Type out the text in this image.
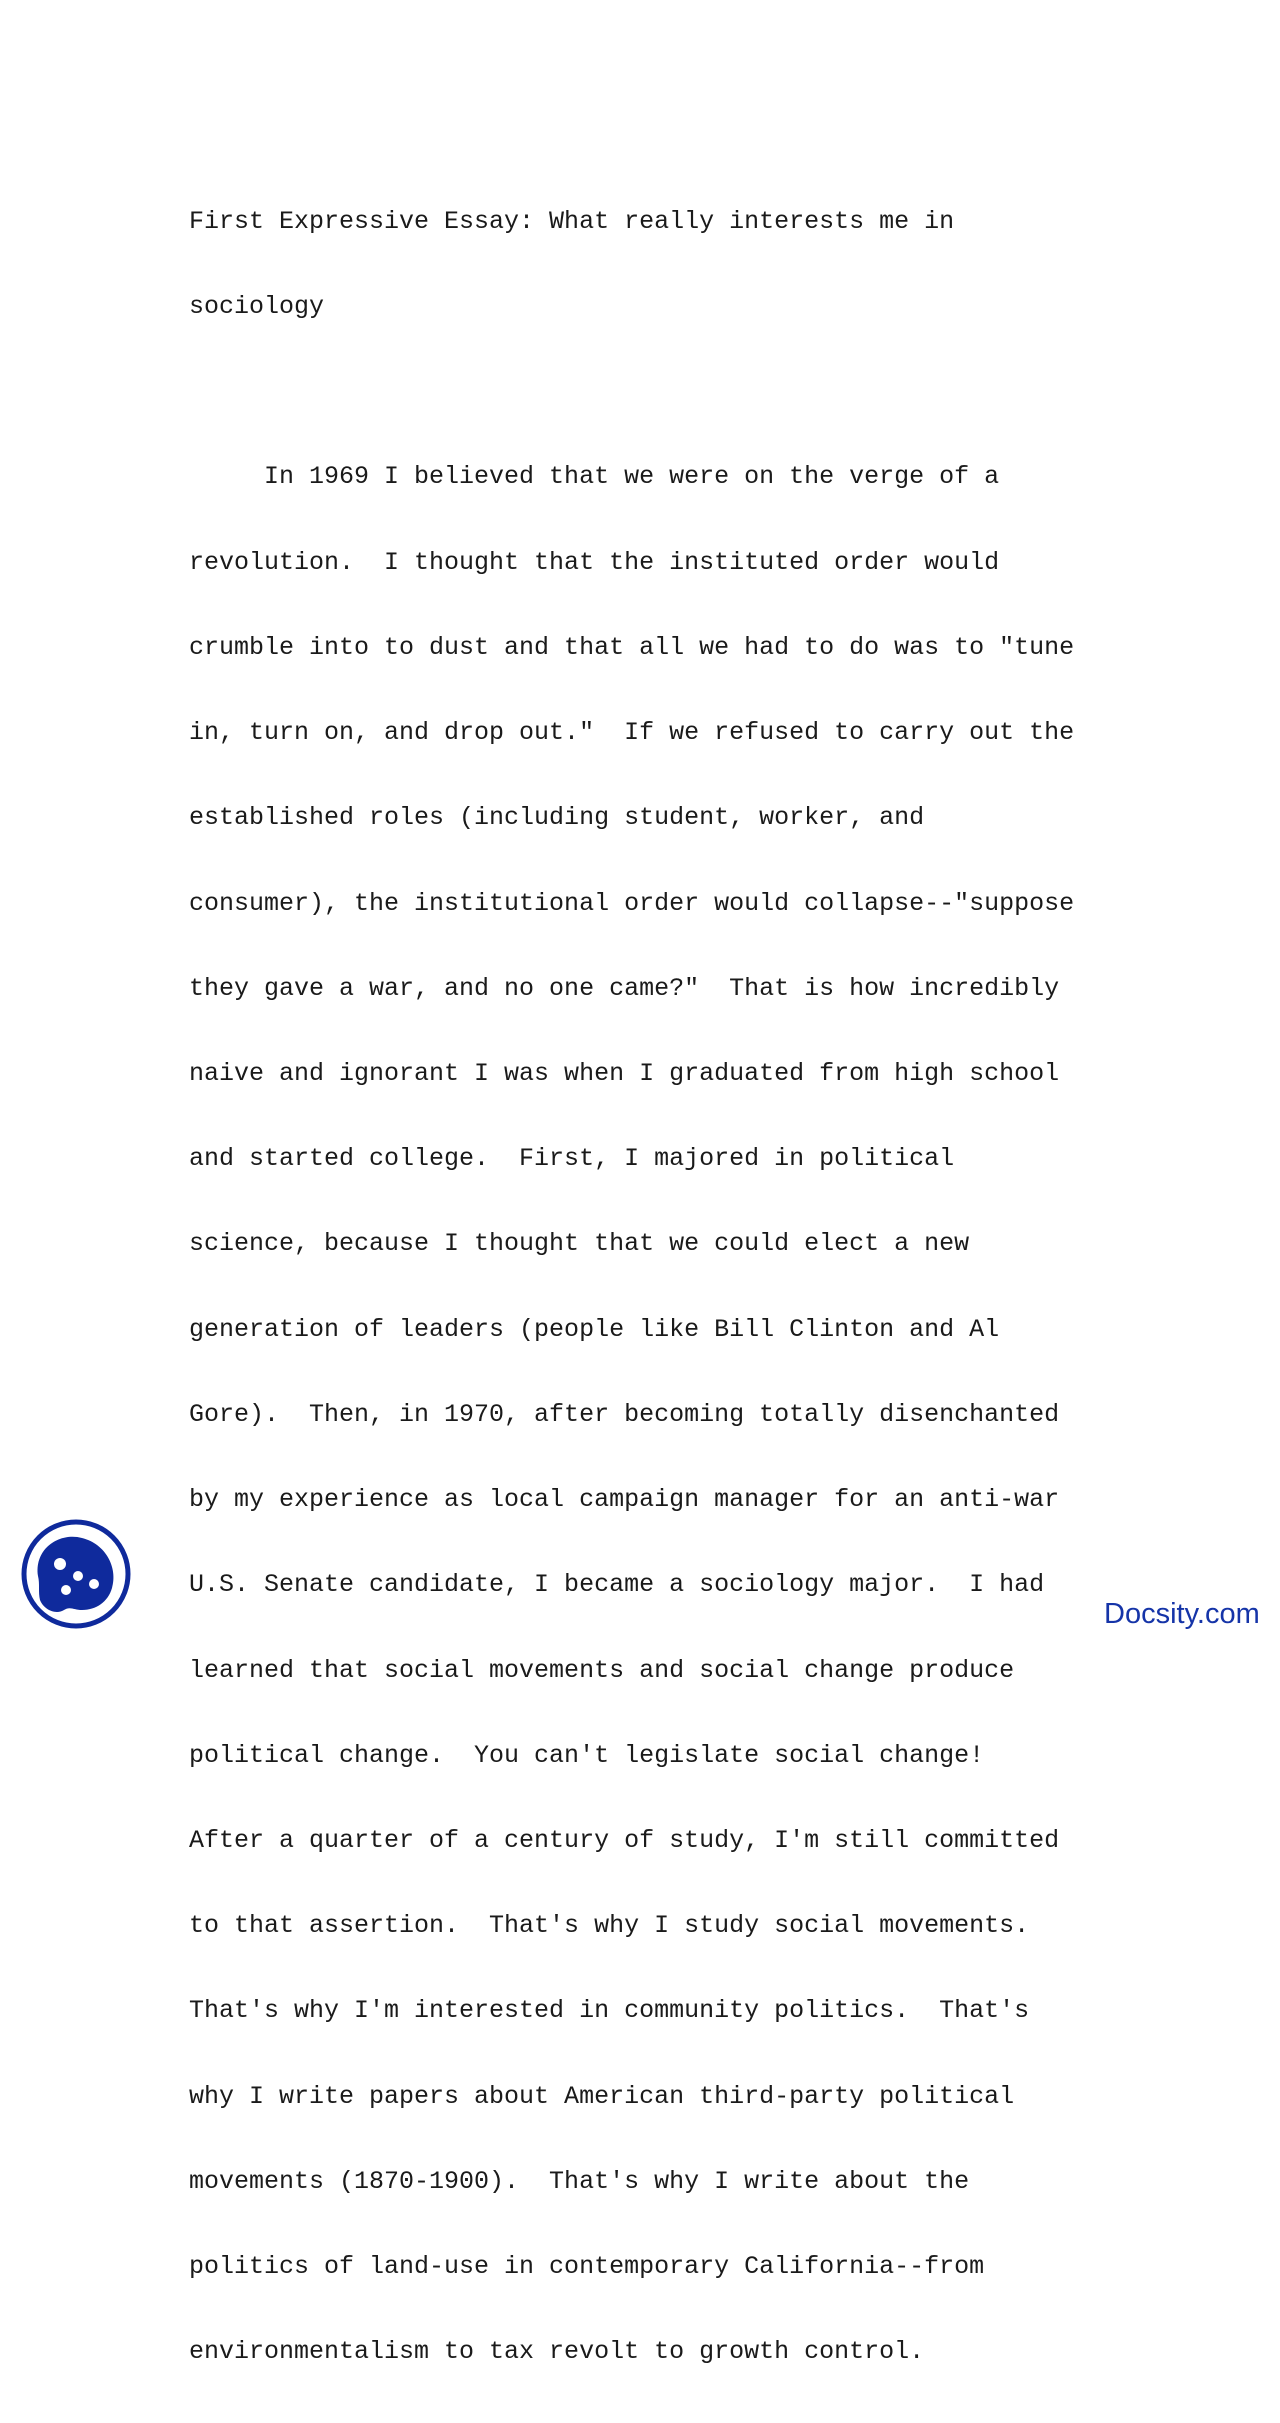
First Expressive Essay: What really interests me in

sociology

In 1969 I believed that we were on the verge of a

revolution.  I thought that the instituted order would

crumble into to dust and that all we had to do was to "tune

in, turn on, and drop out."  If we refused to carry out the

established roles (including student, worker, and

consumer), the institutional order would collapse--"suppose

they gave a war, and no one came?"  That is how incredibly

naive and ignorant I was when I graduated from high school

and started college.  First, I majored in political

science, because I thought that we could elect a new

generation of leaders (people like Bill Clinton and Al

Gore).  Then, in 1970, after becoming totally disenchanted

by my experience as local campaign manager for an anti-war

U.S. Senate candidate, I became a sociology major.  I had

learned that social movements and social change produce

political change.  You can't legislate social change!

After a quarter of a century of study, I'm still committed

to that assertion.  That's why I study social movements.

That's why I'm interested in community politics.  That's

why I write papers about American third-party political

movements (1870-1900).  That's why I write about the

politics of land-use in contemporary California--from

environmentalism to tax revolt to growth control.

Docsity.com
